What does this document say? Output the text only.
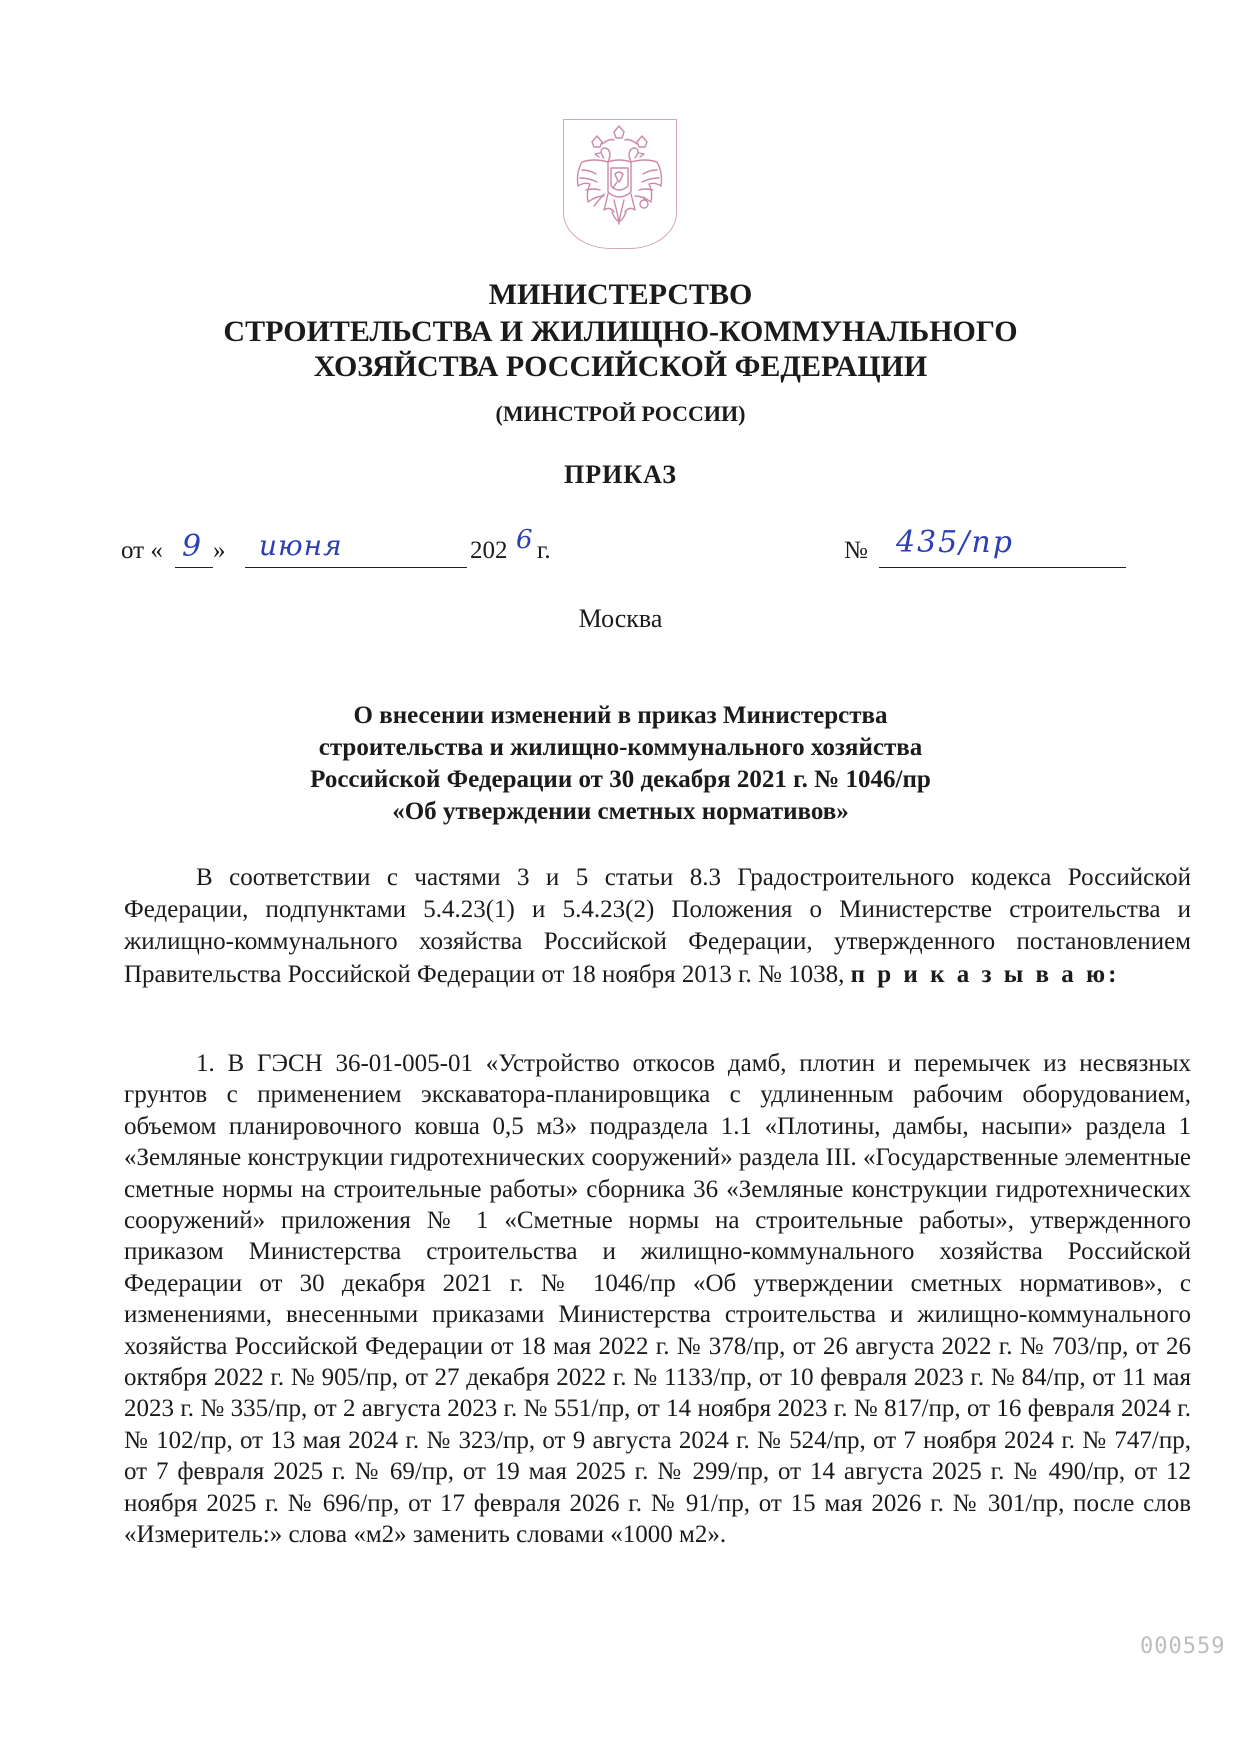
МИНИСТЕРСТВО
СТРОИТЕЛЬСТВА И ЖИЛИЩНО-КОММУНАЛЬНОГО
ХОЗЯЙСТВА РОССИЙСКОЙ ФЕДЕРАЦИИ
(МИНСТРОЙ РОССИИ)
ПРИКАЗ
от « 9 » июня	202 6 г.	№ 435/пр
Москва
О внесении изменений в приказ Министерства
строительства и жилищно-коммунального хозяйства
Российской Федерации от 30 декабря 2021 г. № 1046/пр
«Об утверждении сметных нормативов»
В соответствии с частями 3 и 5 статьи 8.3 Градостроительного кодекса Российской Федерации, подпунктами 5.4.23(1) и 5.4.23(2) Положения о Министерстве строительства и жилищно-коммунального хозяйства Российской Федерации, утвержденного постановлением Правительства Российской Федерации от 18 ноября 2013 г. № 1038, п р и к а з ы в а ю:
1. В ГЭСН 36-01-005-01 «Устройство откосов дамб, плотин и перемычек из несвязных грунтов с применением экскаватора-планировщика с удлиненным рабочим оборудованием, объемом планировочного ковша 0,5 м3» подраздела 1.1 «Плотины, дамбы, насыпи» раздела 1 «Земляные конструкции гидротехнических сооружений» раздела III. «Государственные элементные сметные нормы на строительные работы» сборника 36 «Земляные конструкции гидротехнических сооружений» приложения № 1 «Сметные нормы на строительные работы», утвержденного приказом Министерства строительства и жилищно-коммунального хозяйства Российской Федерации от 30 декабря 2021 г. № 1046/пр «Об утверждении сметных нормативов», с изменениями, внесенными приказами Министерства строительства и жилищно-коммунального хозяйства Российской Федерации от 18 мая 2022 г. № 378/пр, от 26 августа 2022 г. № 703/пр, от 26 октября 2022 г. № 905/пр, от 27 декабря 2022 г. № 1133/пр, от 10 февраля 2023 г. № 84/пр, от 11 мая 2023 г. № 335/пр, от 2 августа 2023 г. № 551/пр, от 14 ноября 2023 г. № 817/пр, от 16 февраля 2024 г. № 102/пр, от 13 мая 2024 г. № 323/пр, от 9 августа 2024 г. № 524/пр, от 7 ноября 2024 г. № 747/пр, от 7 февраля 2025 г. № 69/пр, от 19 мая 2025 г. № 299/пр, от 14 августа 2025 г. № 490/пр, от 12 ноября 2025 г. № 696/пр, от 17 февраля 2026 г. № 91/пр, от 15 мая 2026 г. № 301/пр, после слов «Измеритель:» слова «м2» заменить словами «1000 м2».
000559
